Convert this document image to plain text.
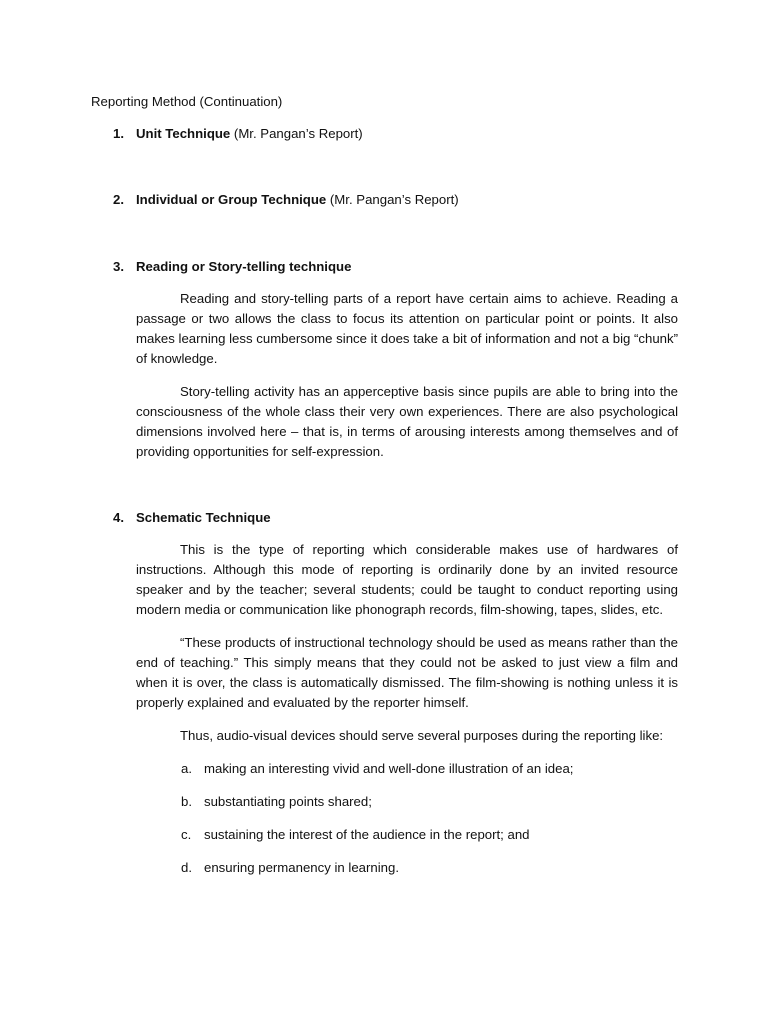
Reporting Method (Continuation)
1. Unit Technique (Mr. Pangan’s Report)
2. Individual or Group Technique (Mr. Pangan’s Report)
3. Reading or Story-telling technique

Reading and story-telling parts of a report have certain aims to achieve. Reading a passage or two allows the class to focus its attention on particular point or points. It also makes learning less cumbersome since it does take a bit of information and not a big “chunk” of knowledge.

Story-telling activity has an apperceptive basis since pupils are able to bring into the consciousness of the whole class their very own experiences. There are also psychological dimensions involved here – that is, in terms of arousing interests among themselves and of providing opportunities for self-expression.

4. Schematic Technique

This is the type of reporting which considerable makes use of hardwares of instructions. Although this mode of reporting is ordinarily done by an invited resource speaker and by the teacher; several students; could be taught to conduct reporting using modern media or communication like phonograph records, film-showing, tapes, slides, etc.

“These products of instructional technology should be used as means rather than the end of teaching.” This simply means that they could not be asked to just view a film and when it is over, the class is automatically dismissed. The film-showing is nothing unless it is properly explained and evaluated by the reporter himself.

Thus, audio-visual devices should serve several purposes during the reporting like:
a. making an interesting vivid and well-done illustration of an idea;
b. substantiating points shared;
c. sustaining the interest of the audience in the report; and
d. ensuring permanency in learning.
